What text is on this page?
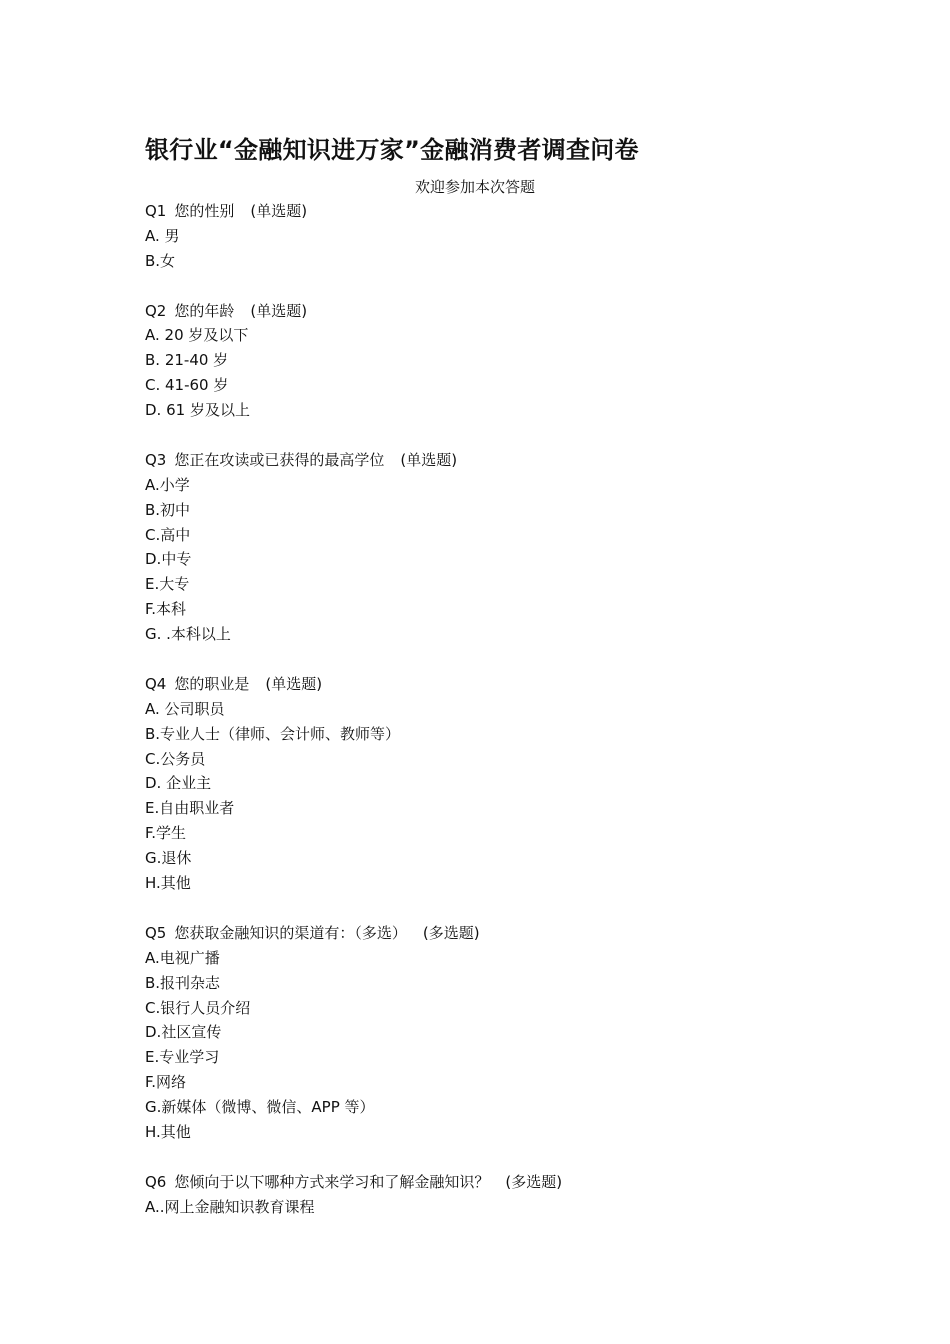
银行业“金融知识进万家”金融消费者调查问卷
欢迎参加本次答题
Q1 您的性别 (单选题)
A. 男
B.女
Q2 您的年龄 (单选题)
A. 20 岁及以下
B. 21-40 岁
C. 41-60 岁
D. 61 岁及以上
Q3 您正在攻读或已获得的最高学位 (单选题)
A.小学
B.初中
C.高中
D.中专
E.大专
F.本科
G. .本科以上
Q4 您的职业是 (单选题)
A. 公司职员
B.专业人士（律师、会计师、教师等）
C.公务员
D. 企业主
E.自由职业者
F.学生
G.退休
H.其他
Q5 您获取金融知识的渠道有：（多选） (多选题)
A.电视广播
B.报刊杂志
C.银行人员介绍
D.社区宣传
E.专业学习
F.网络
G.新媒体（微博、微信、APP 等）
H.其他
Q6 您倾向于以下哪种方式来学习和了解金融知识？ (多选题)
A..网上金融知识教育课程
